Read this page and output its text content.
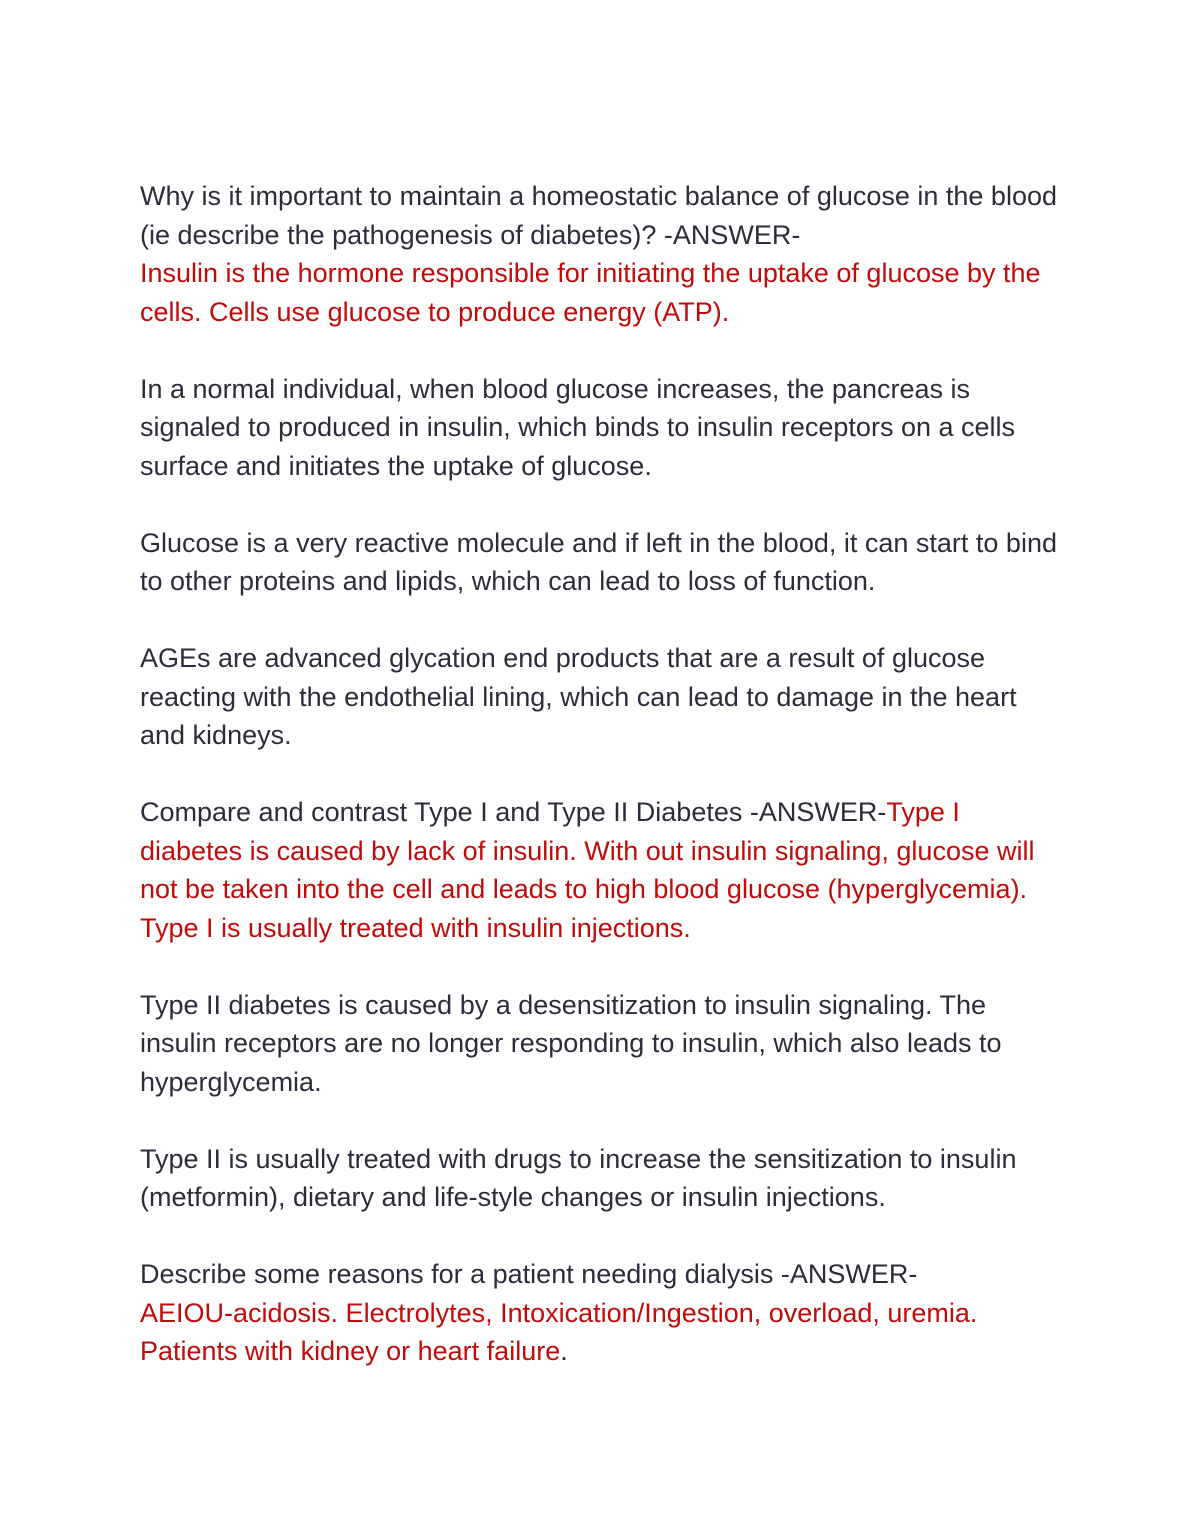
Why is it important to maintain a homeostatic balance of glucose in the blood (ie describe the pathogenesis of diabetes)? -ANSWER-
Insulin is the hormone responsible for initiating the uptake of glucose by the cells. Cells use glucose to produce energy (ATP).

In a normal individual, when blood glucose increases, the pancreas is signaled to produced in insulin, which binds to insulin receptors on a cells surface and initiates the uptake of glucose.

Glucose is a very reactive molecule and if left in the blood, it can start to bind to other proteins and lipids, which can lead to loss of function.

AGEs are advanced glycation end products that are a result of glucose reacting with the endothelial lining, which can lead to damage in the heart and kidneys.

Compare and contrast Type I and Type II Diabetes -ANSWER-Type I diabetes is caused by lack of insulin. With out insulin signaling, glucose will not be taken into the cell and leads to high blood glucose (hyperglycemia). Type I is usually treated with insulin injections.

Type II diabetes is caused by a desensitization to insulin signaling. The insulin receptors are no longer responding to insulin, which also leads to hyperglycemia.

Type II is usually treated with drugs to increase the sensitization to insulin (metformin), dietary and life-style changes or insulin injections.

Describe some reasons for a patient needing dialysis -ANSWER-
AEIOU-acidosis. Electrolytes, Intoxication/Ingestion, overload, uremia. Patients with kidney or heart failure.
